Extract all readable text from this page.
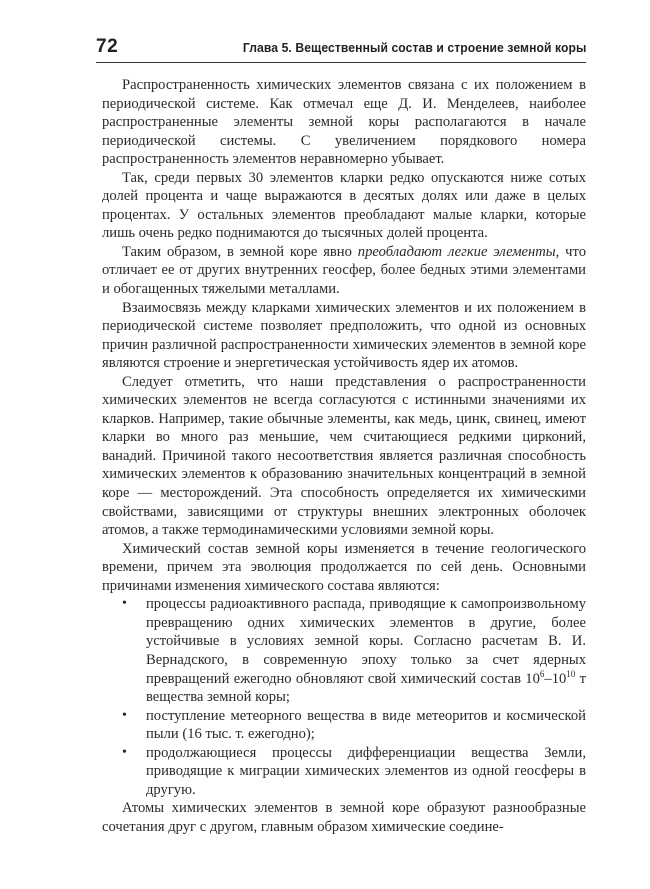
72	Глава 5. Вещественный состав и строение земной коры

Распространенность химических элементов связана с их положением в периодической системе. Как отмечал еще Д. И. Менделеев, наиболее распространенные элементы земной коры располагаются в начале периодической системы. С увеличением порядкового номера распространенность элементов неравномерно убывает.

Так, среди первых 30 элементов кларки редко опускаются ниже сотых долей процента и чаще выражаются в десятых долях или даже в целых процентах. У остальных элементов преобладают малые кларки, которые лишь очень редко поднимаются до тысячных долей процента.

Таким образом, в земной коре явно преобладают легкие элементы, что отличает ее от других внутренних геосфер, более бедных этими элементами и обогащенных тяжелыми металлами.

Взаимосвязь между кларками химических элементов и их положением в периодической системе позволяет предположить, что одной из основных причин различной распространенности химических элементов в земной коре являются строение и энергетическая устойчивость ядер их атомов.

Следует отметить, что наши представления о распространенности химических элементов не всегда согласуются с истинными значениями их кларков. Например, такие обычные элементы, как медь, цинк, свинец, имеют кларки во много раз меньшие, чем считающиеся редкими цирконий, ванадий. Причиной такого несоответствия является различная способность химических элементов к образованию значительных концентраций в земной коре — месторождений. Эта способность определяется их химическими свойствами, зависящими от структуры внешних электронных оболочек атомов, а также термодинамическими условиями земной коры.

Химический состав земной коры изменяется в течение геологического времени, причем эта эволюция продолжается по сей день. Основными причинами изменения химического состава являются:

• процессы радиоактивного распада, приводящие к самопроизвольному превращению одних химических элементов в другие, более устойчивые в условиях земной коры. Согласно расчетам В. И. Вернадского, в современную эпоху только за счет ядерных превращений ежегодно обновляют свой химический состав $10^6-10^{10}$ т вещества земной коры;
• поступление метеорного вещества в виде метеоритов и космической пыли (16 тыс. т. ежегодно);
• продолжающиеся процессы дифференциации вещества Земли, приводящие к миграции химических элементов из одной геосферы в другую.

Атомы химических элементов в земной коре образуют разнообразные сочетания друг с другом, главным образом химические соедине-
